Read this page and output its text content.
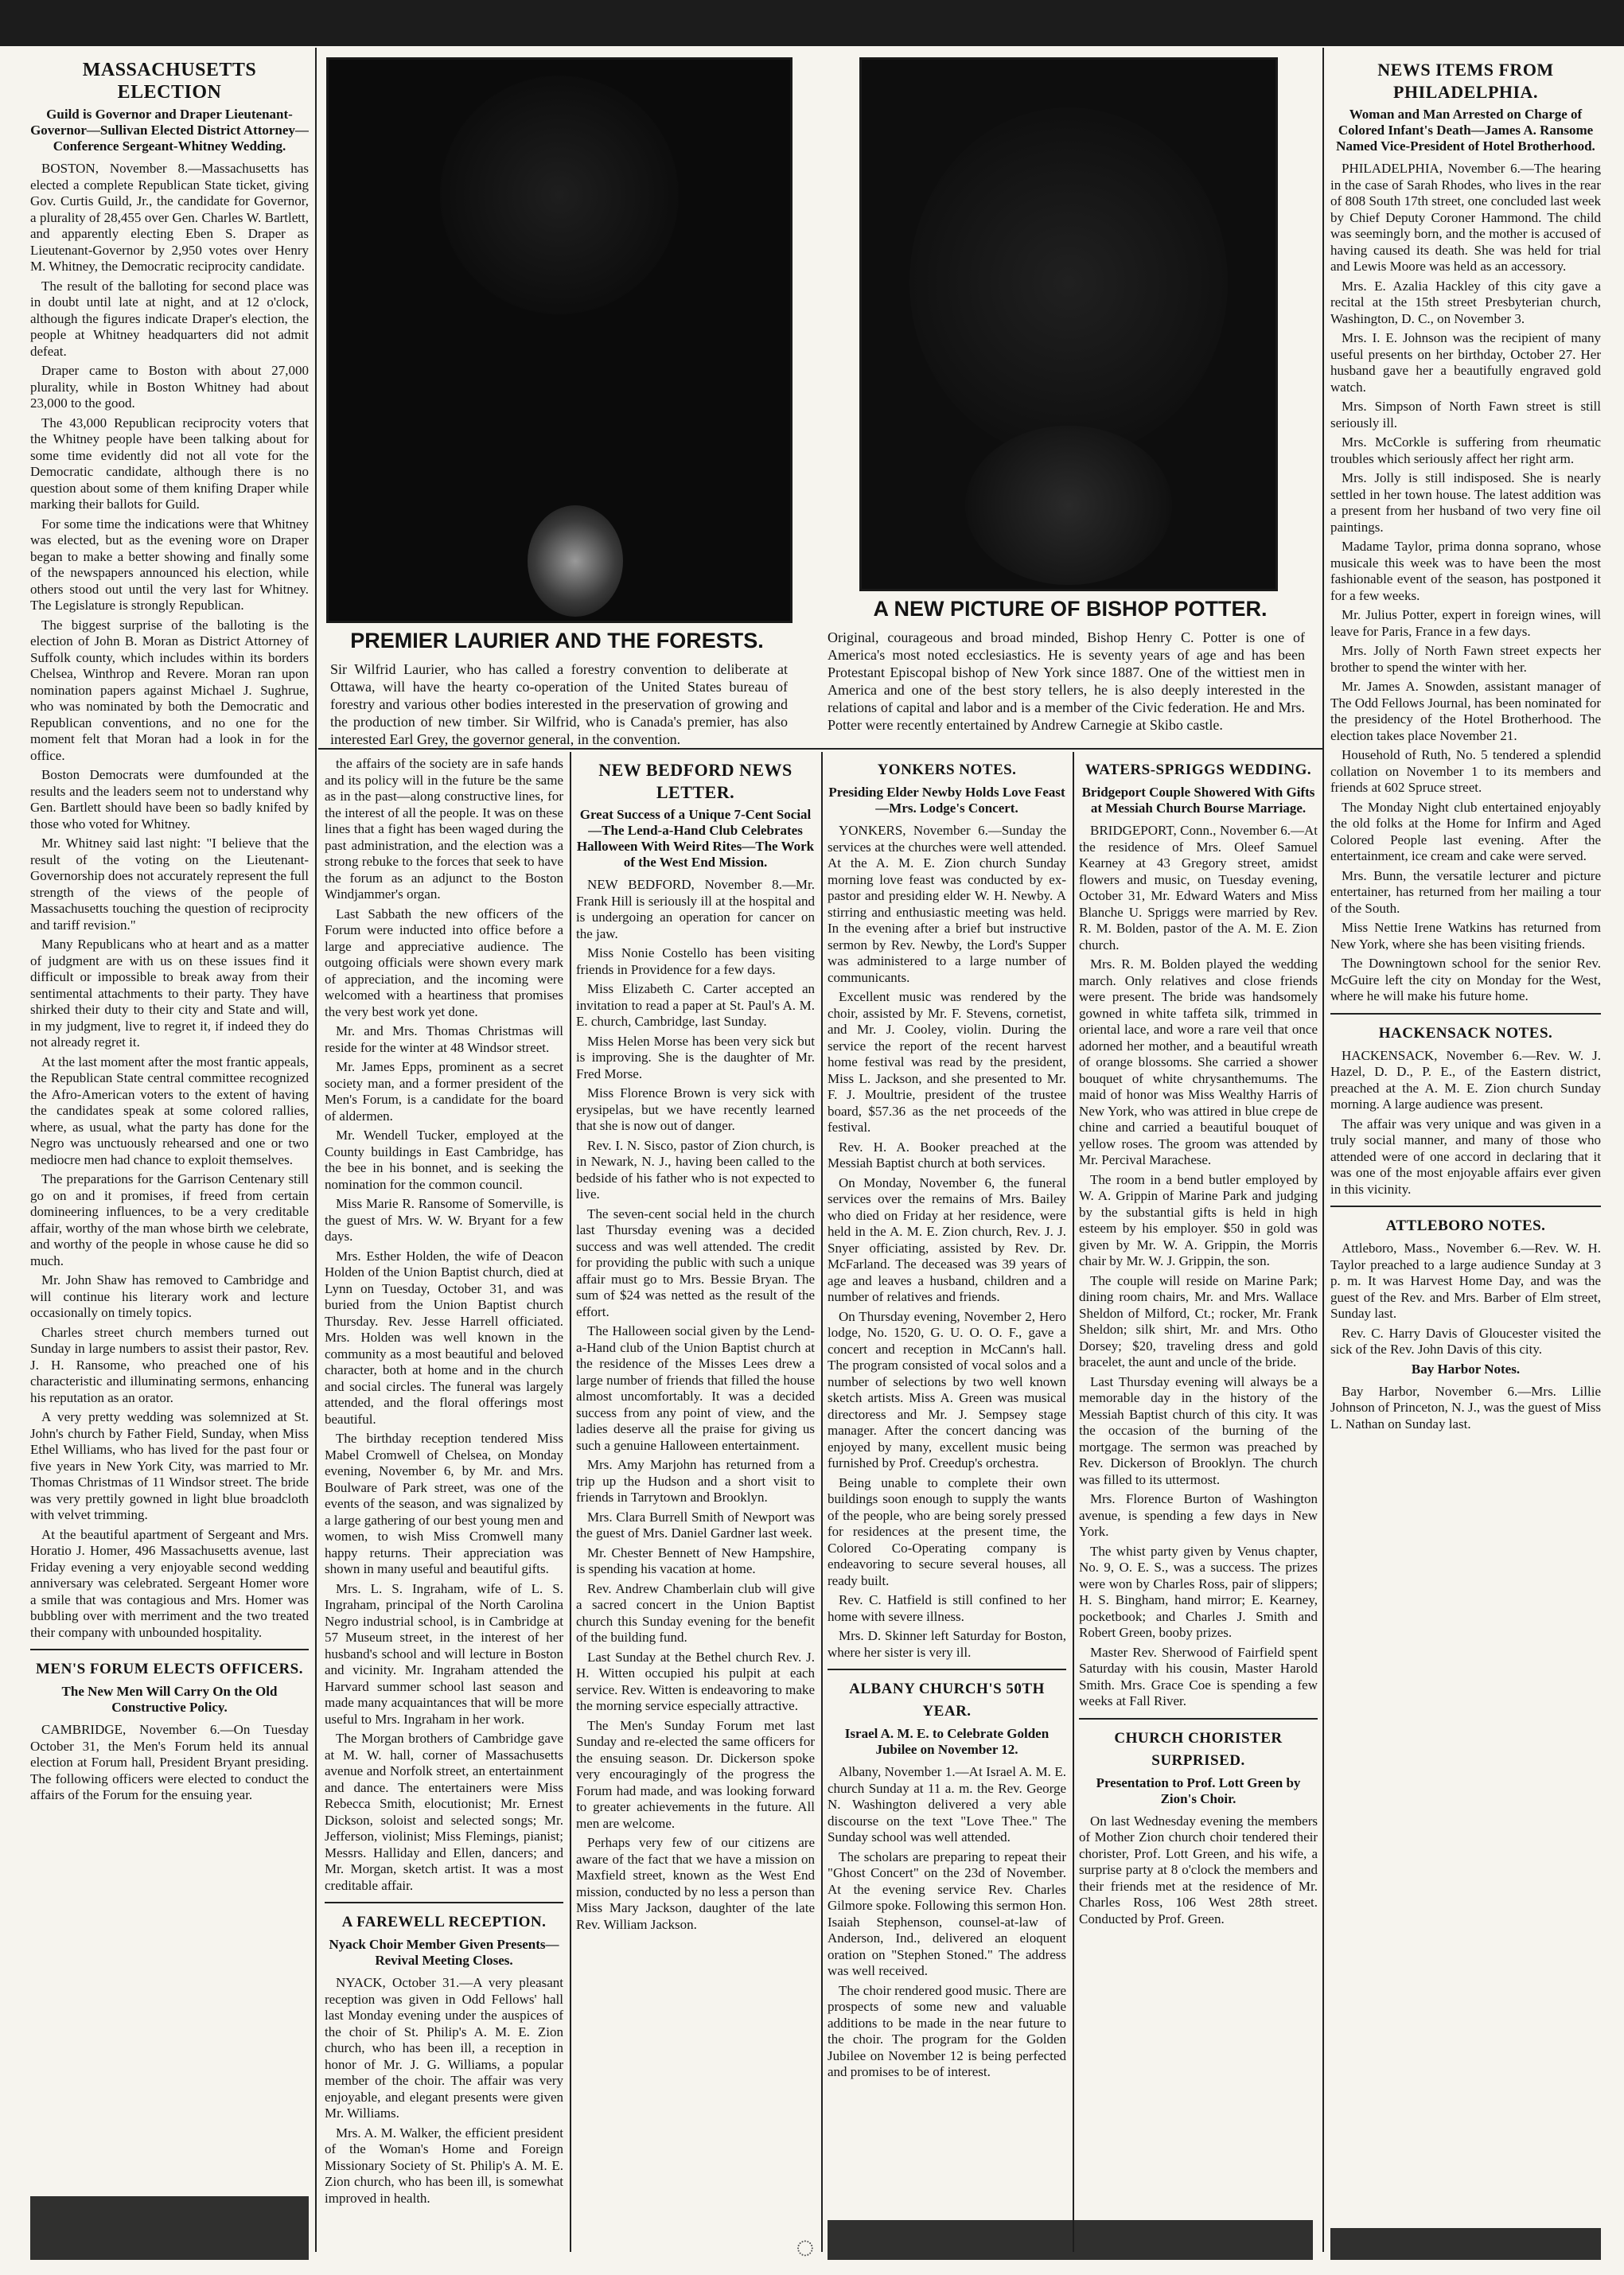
MASSACHUSETTS ELECTION
Guild is Governor and Draper Lieutenant-Governor—Sullivan Elected District Attorney—Conference Sergeant-Whitney Wedding.

BOSTON, November 8.—Massachusetts has elected a complete Republican State ticket, giving Gov. Curtis Guild, Jr., the candidate for Governor, a plurality of 28,455 over Gen. Charles W. Bartlett, and apparently electing Eben S. Draper as Lieutenant-Governor by 2,950 votes over Henry M. Whitney, the Democratic reciprocity candidate.

The result of the balloting for second place was in doubt until late at night, and at 12 o'clock, although the figures indicate Draper's election, the people at Whitney headquarters did not admit defeat.

Draper came to Boston with about 27,000 plurality, while in Boston Whitney had about 23,000 to the good.

The 43,000 Republican reciprocity voters that the Whitney people have been talking about for some time evidently did not all vote for the Democratic candidate, although there is no question about some of them knifing Draper while marking their ballots for Guild.

For some time the indications were that Whitney was elected, but as the evening wore on Draper began to make a better showing and finally some of the newspapers announced his election, while others stood out until the very last for Whitney. The Legislature is strongly Republican.

The biggest surprise of the balloting is the election of John B. Moran as District Attorney of Suffolk county, which includes within its borders Chelsea, Winthrop and Revere. Moran ran upon nomination papers against Michael J. Sughrue, who was nominated by both the Democratic and Republican conventions, and no one for the moment felt that Moran had a look in for the office.

Boston Democrats were dumfounded at the results and the leaders seem not to understand why Gen. Bartlett should have been so badly knifed by those who voted for Whitney.

Mr. Whitney said last night: "I believe that the result of the voting on the Lieutenant-Governorship does not accurately represent the full strength of the views of the people of Massachusetts touching the question of reciprocity and tariff revision."

Many Republicans who at heart and as a matter of judgment are with us on these issues find it difficult or impossible to break away from their sentimental attachments to their party. They have shirked their duty to their city and State and will, in my judgment, live to regret it, if indeed they do not already regret it.

At the last moment after the most frantic appeals, the Republican State central committee recognized the Afro-American voters to the extent of having the candidates speak at some colored rallies, where, as usual, what the party has done for the Negro was unctuously rehearsed and one or two mediocre men had chance to exploit themselves.

The preparations for the Garrison Centenary still go on and it promises, if freed from certain domineering influences, to be a very creditable affair, worthy of the man whose birth we celebrate, and worthy of the people in whose cause he did so much.

Mr. John Shaw has removed to Cambridge and will continue his literary work and lecture occasionally on timely topics.

Charles street church members turned out Sunday in large numbers to assist their pastor, Rev. J. H. Ransome, who preached one of his characteristic and illuminating sermons, enhancing his reputation as an orator.

A very pretty wedding was solemnized at St. John's church by Father Field, Sunday, when Miss Ethel Williams, who has lived for the past four or five years in New York City, was married to Mr. Thomas Christmas of 11 Windsor street. The bride was very prettily gowned in light blue broadcloth with velvet trimming.

At the beautiful apartment of Sergeant and Mrs. Horatio J. Homer, 496 Massachusetts avenue, last Friday evening a very enjoyable second wedding anniversary was celebrated. Sergeant Homer wore a smile that was contagious and Mrs. Homer was bubbling over with merriment and the two treated their company with unbounded hospitality.

MEN'S FORUM ELECTS OFFICERS.
The New Men Will Carry On the Old Constructive Policy.

CAMBRIDGE, November 6.—On Tuesday October 31, the Men's Forum held its annual election at Forum hall, President Bryant presiding. The following officers were elected to conduct the affairs of the Forum for the ensuing year.

PREMIER LAURIER AND THE FORESTS.
Sir Wilfrid Laurier, who has called a forestry convention to deliberate at Ottawa, will have the hearty co-operation of the United States bureau of forestry and various other bodies interested in the preservation of growing and the production of new timber. Sir Wilfrid, who is Canada's premier, has also interested Earl Grey, the governor general, in the convention.
A NEW PICTURE OF BISHOP POTTER.
Original, courageous and broad minded, Bishop Henry C. Potter is one of America's most noted ecclesiastics. He is seventy years of age and has been Protestant Episcopal bishop of New York since 1887. One of the wittiest men in America and one of the best story tellers, he is also deeply interested in the relations of capital and labor and is a member of the Civic federation. He and Mrs. Potter were recently entertained by Andrew Carnegie at Skibo castle.

the affairs of the society are in safe hands and its policy will in the future be the same as in the past—along constructive lines, for the interest of all the people. It was on these lines that a fight has been waged during the past administration, and the election was a strong rebuke to the forces that seek to have the forum as an adjunct to the Boston Windjammer's organ.

Last Sabbath the new officers of the Forum were inducted into office before a large and appreciative audience. The outgoing officials were shown every mark of appreciation, and the incoming were welcomed with a heartiness that promises the very best work yet done.

Mr. and Mrs. Thomas Christmas will reside for the winter at 48 Windsor street.

Mr. James Epps, prominent as a secret society man, and a former president of the Men's Forum, is a candidate for the board of aldermen.

Mr. Wendell Tucker, employed at the County buildings in East Cambridge, has the bee in his bonnet, and is seeking the nomination for the common council.

Miss Marie R. Ransome of Somerville, is the guest of Mrs. W. W. Bryant for a few days.

Mrs. Esther Holden, the wife of Deacon Holden of the Union Baptist church, died at Lynn on Tuesday, October 31, and was buried from the Union Baptist church Thursday. Rev. Jesse Harrell officiated. Mrs. Holden was well known in the community as a most beautiful and beloved character, both at home and in the church and social circles. The funeral was largely attended, and the floral offerings most beautiful.

The birthday reception tendered Miss Mabel Cromwell of Chelsea, on Monday evening, November 6, by Mr. and Mrs. Boulware of Park street, was one of the events of the season, and was signalized by a large gathering of our best young men and women, to wish Miss Cromwell many happy returns. Their appreciation was shown in many useful and beautiful gifts.

Mrs. L. S. Ingraham, wife of L. S. Ingraham, principal of the North Carolina Negro industrial school, is in Cambridge at 57 Museum street, in the interest of her husband's school and will lecture in Boston and vicinity. Mr. Ingraham attended the Harvard summer school last season and made many acquaintances that will be more useful to Mrs. Ingraham in her work.

The Morgan brothers of Cambridge gave at M. W. hall, corner of Massachusetts avenue and Norfolk street, an entertainment and dance. The entertainers were Miss Rebecca Smith, elocutionist; Mr. Ernest Dickson, soloist and selected songs; Mr. Jefferson, violinist; Miss Flemings, pianist; Messrs. Halliday and Ellen, dancers; and Mr. Morgan, sketch artist. It was a most creditable affair.

A FAREWELL RECEPTION.
Nyack Choir Member Given Presents—Revival Meeting Closes.

NYACK, October 31.—A very pleasant reception was given in Odd Fellows' hall last Monday evening under the auspices of the choir of St. Philip's A. M. E. Zion church, who has been ill, a reception in honor of Mr. J. G. Williams, a popular member of the choir. The affair was very enjoyable, and elegant presents were given Mr. Williams.

Mrs. A. M. Walker, the efficient president of the Woman's Home and Foreign Missionary Society of St. Philip's A. M. E. Zion church, who has been ill, is somewhat improved in health.

NEW BEDFORD NEWS LETTER.
Great Success of a Unique 7-Cent Social—The Lend-a-Hand Club Celebrates Halloween With Weird Rites—The Work of the West End Mission.

NEW BEDFORD, November 8.—Mr. Frank Hill is seriously ill at the hospital and is undergoing an operation for cancer on the jaw.

Miss Nonie Costello has been visiting friends in Providence for a few days.

Miss Elizabeth C. Carter accepted an invitation to read a paper at St. Paul's A. M. E. church, Cambridge, last Sunday.

Miss Helen Morse has been very sick but is improving. She is the daughter of Mr. Fred Morse.

Miss Florence Brown is very sick with erysipelas, but we have recently learned that she is now out of danger.

Rev. I. N. Sisco, pastor of Zion church, is in Newark, N. J., having been called to the bedside of his father who is not expected to live.

The seven-cent social held in the church last Thursday evening was a decided success and was well attended. The credit for providing the public with such a unique affair must go to Mrs. Bessie Bryan. The sum of $24 was netted as the result of the effort.

The Halloween social given by the Lend-a-Hand club of the Union Baptist church at the residence of the Misses Lees drew a large number of friends that filled the house almost uncomfortably. It was a decided success from any point of view, and the ladies deserve all the praise for giving us such a genuine Halloween entertainment.

Mrs. Amy Marjohn has returned from a trip up the Hudson and a short visit to friends in Tarrytown and Brooklyn.

Mrs. Clara Burrell Smith of Newport was the guest of Mrs. Daniel Gardner last week.

Mr. Chester Bennett of New Hampshire, is spending his vacation at home.

Rev. Andrew Chamberlain club will give a sacred concert in the Union Baptist church this Sunday evening for the benefit of the building fund.

Last Sunday at the Bethel church Rev. J. H. Witten occupied his pulpit at each service. Rev. Witten is endeavoring to make the morning service especially attractive.

The Men's Sunday Forum met last Sunday and re-elected the same officers for the ensuing season. Dr. Dickerson spoke very encouragingly of the progress the Forum had made, and was looking forward to greater achievements in the future. All men are welcome.

Perhaps very few of our citizens are aware of the fact that we have a mission on Maxfield street, known as the West End mission, conducted by no less a person than Miss Mary Jackson, daughter of the late Rev. William Jackson.

YONKERS NOTES.
Presiding Elder Newby Holds Love Feast—Mrs. Lodge's Concert.

YONKERS, November 6.—Sunday the services at the churches were well attended. At the A. M. E. Zion church Sunday morning love feast was conducted by ex-pastor and presiding elder W. H. Newby. A stirring and enthusiastic meeting was held. In the evening after a brief but instructive sermon by Rev. Newby, the Lord's Supper was administered to a large number of communicants.

Excellent music was rendered by the choir, assisted by Mr. F. Stevens, cornetist, and Mr. J. Cooley, violin. During the service the report of the recent harvest home festival was read by the president, Miss L. Jackson, and she presented to Mr. F. J. Moultrie, president of the trustee board, $57.36 as the net proceeds of the festival.

Rev. H. A. Booker preached at the Messiah Baptist church at both services.

On Monday, November 6, the funeral services over the remains of Mrs. Bailey who died on Friday at her residence, were held in the A. M. E. Zion church, Rev. J. J. Snyer officiating, assisted by Rev. Dr. McFarland. The deceased was 39 years of age and leaves a husband, children and a number of relatives and friends.

On Thursday evening, November 2, Hero lodge, No. 1520, G. U. O. O. F., gave a concert and reception in McCann's hall. The program consisted of vocal solos and a number of selections by two well known sketch artists. Miss A. Green was musical directoress and Mr. J. Sempsey stage manager. After the concert dancing was enjoyed by many, excellent music being furnished by Prof. Creedup's orchestra.

Being unable to complete their own buildings soon enough to supply the wants of the people, who are being sorely pressed for residences at the present time, the Colored Co-Operating company is endeavoring to secure several houses, all ready built.

Rev. C. Hatfield is still confined to her home with severe illness.

Mrs. D. Skinner left Saturday for Boston, where her sister is very ill.

ALBANY CHURCH'S 50TH YEAR.
Israel A. M. E. to Celebrate Golden Jubilee on November 12.

Albany, November 1.—At Israel A. M. E. church Sunday at 11 a. m. the Rev. George N. Washington delivered a very able discourse on the text "Love Thee." The Sunday school was well attended.

The scholars are preparing to repeat their "Ghost Concert" on the 23d of November. At the evening service Rev. Charles Gilmore spoke. Following this sermon Hon. Isaiah Stephenson, counsel-at-law of Anderson, Ind., delivered an eloquent oration on "Stephen Stoned." The address was well received.

The choir rendered good music. There are prospects of some new and valuable additions to be made in the near future to the choir. The program for the Golden Jubilee on November 12 is being perfected and promises to be of interest.

WATERS-SPRIGGS WEDDING.
Bridgeport Couple Showered With Gifts at Messiah Church Bourse Marriage.

BRIDGEPORT, Conn., November 6.—At the residence of Mrs. Oleef Samuel Kearney at 43 Gregory street, amidst flowers and music, on Tuesday evening, October 31, Mr. Edward Waters and Miss Blanche U. Spriggs were married by Rev. R. M. Bolden, pastor of the A. M. E. Zion church.

Mrs. R. M. Bolden played the wedding march. Only relatives and close friends were present. The bride was handsomely gowned in white taffeta silk, trimmed in oriental lace, and wore a rare veil that once adorned her mother, and a beautiful wreath of orange blossoms. She carried a shower bouquet of white chrysanthemums. The maid of honor was Miss Wealthy Harris of New York, who was attired in blue crepe de chine and carried a beautiful bouquet of yellow roses. The groom was attended by Mr. Percival Marachese.

The room in a bend butler employed by W. A. Grippin of Marine Park and judging by the substantial gifts is held in high esteem by his employer. $50 in gold was given by Mr. W. A. Grippin, the Morris chair by Mr. W. J. Grippin, the son.

The couple will reside on Marine Park; dining room chairs, Mr. and Mrs. Wallace Sheldon of Milford, Ct.; rocker, Mr. Frank Sheldon; silk shirt, Mr. and Mrs. Otho Dorsey; $20, traveling dress and gold bracelet, the aunt and uncle of the bride.

Last Thursday evening will always be a memorable day in the history of the Messiah Baptist church of this city. It was the occasion of the burning of the mortgage. The sermon was preached by Rev. Dickerson of Brooklyn. The church was filled to its uttermost.

Mrs. Florence Burton of Washington avenue, is spending a few days in New York.

The whist party given by Venus chapter, No. 9, O. E. S., was a success. The prizes were won by Charles Ross, pair of slippers; H. S. Bingham, hand mirror; E. Kearney, pocketbook; and Charles J. Smith and Robert Green, booby prizes.

Master Rev. Sherwood of Fairfield spent Saturday with his cousin, Master Harold Smith. Mrs. Grace Coe is spending a few weeks at Fall River.

CHURCH CHORISTER SURPRISED.
Presentation to Prof. Lott Green by Zion's Choir.

On last Wednesday evening the members of Mother Zion church choir tendered their chorister, Prof. Lott Green, and his wife, a surprise party at 8 o'clock the members and their friends met at the residence of Mr. Charles Ross, 106 West 28th street. Conducted by Prof. Green.

NEWS ITEMS FROM PHILADELPHIA.
Woman and Man Arrested on Charge of Colored Infant's Death—James A. Ransome Named Vice-President of Hotel Brotherhood.

PHILADELPHIA, November 6.—The hearing in the case of Sarah Rhodes, who lives in the rear of 808 South 17th street, one concluded last week by Chief Deputy Coroner Hammond. The child was seemingly born, and the mother is accused of having caused its death. She was held for trial and Lewis Moore was held as an accessory.

Mrs. E. Azalia Hackley of this city gave a recital at the 15th street Presbyterian church, Washington, D. C., on November 3.

Mrs. I. E. Johnson was the recipient of many useful presents on her birthday, October 27. Her husband gave her a beautifully engraved gold watch.

Mrs. Simpson of North Fawn street is still seriously ill.

Mrs. McCorkle is suffering from rheumatic troubles which seriously affect her right arm.

Mrs. Jolly is still indisposed. She is nearly settled in her town house. The latest addition was a present from her husband of two very fine oil paintings.

Madame Taylor, prima donna soprano, whose musicale this week was to have been the most fashionable event of the season, has postponed it for a few weeks.

Mr. Julius Potter, expert in foreign wines, will leave for Paris, France in a few days.

Mrs. Jolly of North Fawn street expects her brother to spend the winter with her.

Mr. James A. Snowden, assistant manager of The Odd Fellows Journal, has been nominated for the presidency of the Hotel Brotherhood. The election takes place November 21.

Household of Ruth, No. 5 tendered a splendid collation on November 1 to its members and friends at 602 Spruce street.

The Monday Night club entertained enjoyably the old folks at the Home for Infirm and Aged Colored People last evening. After the entertainment, ice cream and cake were served.

Mrs. Bunn, the versatile lecturer and picture entertainer, has returned from her mailing a tour of the South.

Miss Nettie Irene Watkins has returned from New York, where she has been visiting friends.

The Downingtown school for the senior Rev. McGuire left the city on Monday for the West, where he will make his future home.

HACKENSACK NOTES.

HACKENSACK, November 6.—Rev. W. J. Hazel, D. D., P. E., of the Eastern district, preached at the A. M. E. Zion church Sunday morning. A large audience was present.

The affair was very unique and was given in a truly social manner, and many of those who attended were of one accord in declaring that it was one of the most enjoyable affairs ever given in this vicinity.

ATTLEBORO NOTES.

Attleboro, Mass., November 6.—Rev. W. H. Taylor preached to a large audience Sunday at 3 p. m. It was Harvest Home Day, and was the guest of the Rev. and Mrs. Barber of Elm street, Sunday last.

Rev. C. Harry Davis of Gloucester visited the sick of the Rev. John Davis of this city.

Bay Harbor Notes.

Bay Harbor, November 6.—Mrs. Lillie Johnson of Princeton, N. J., was the guest of Miss L. Nathan on Sunday last.

◌
